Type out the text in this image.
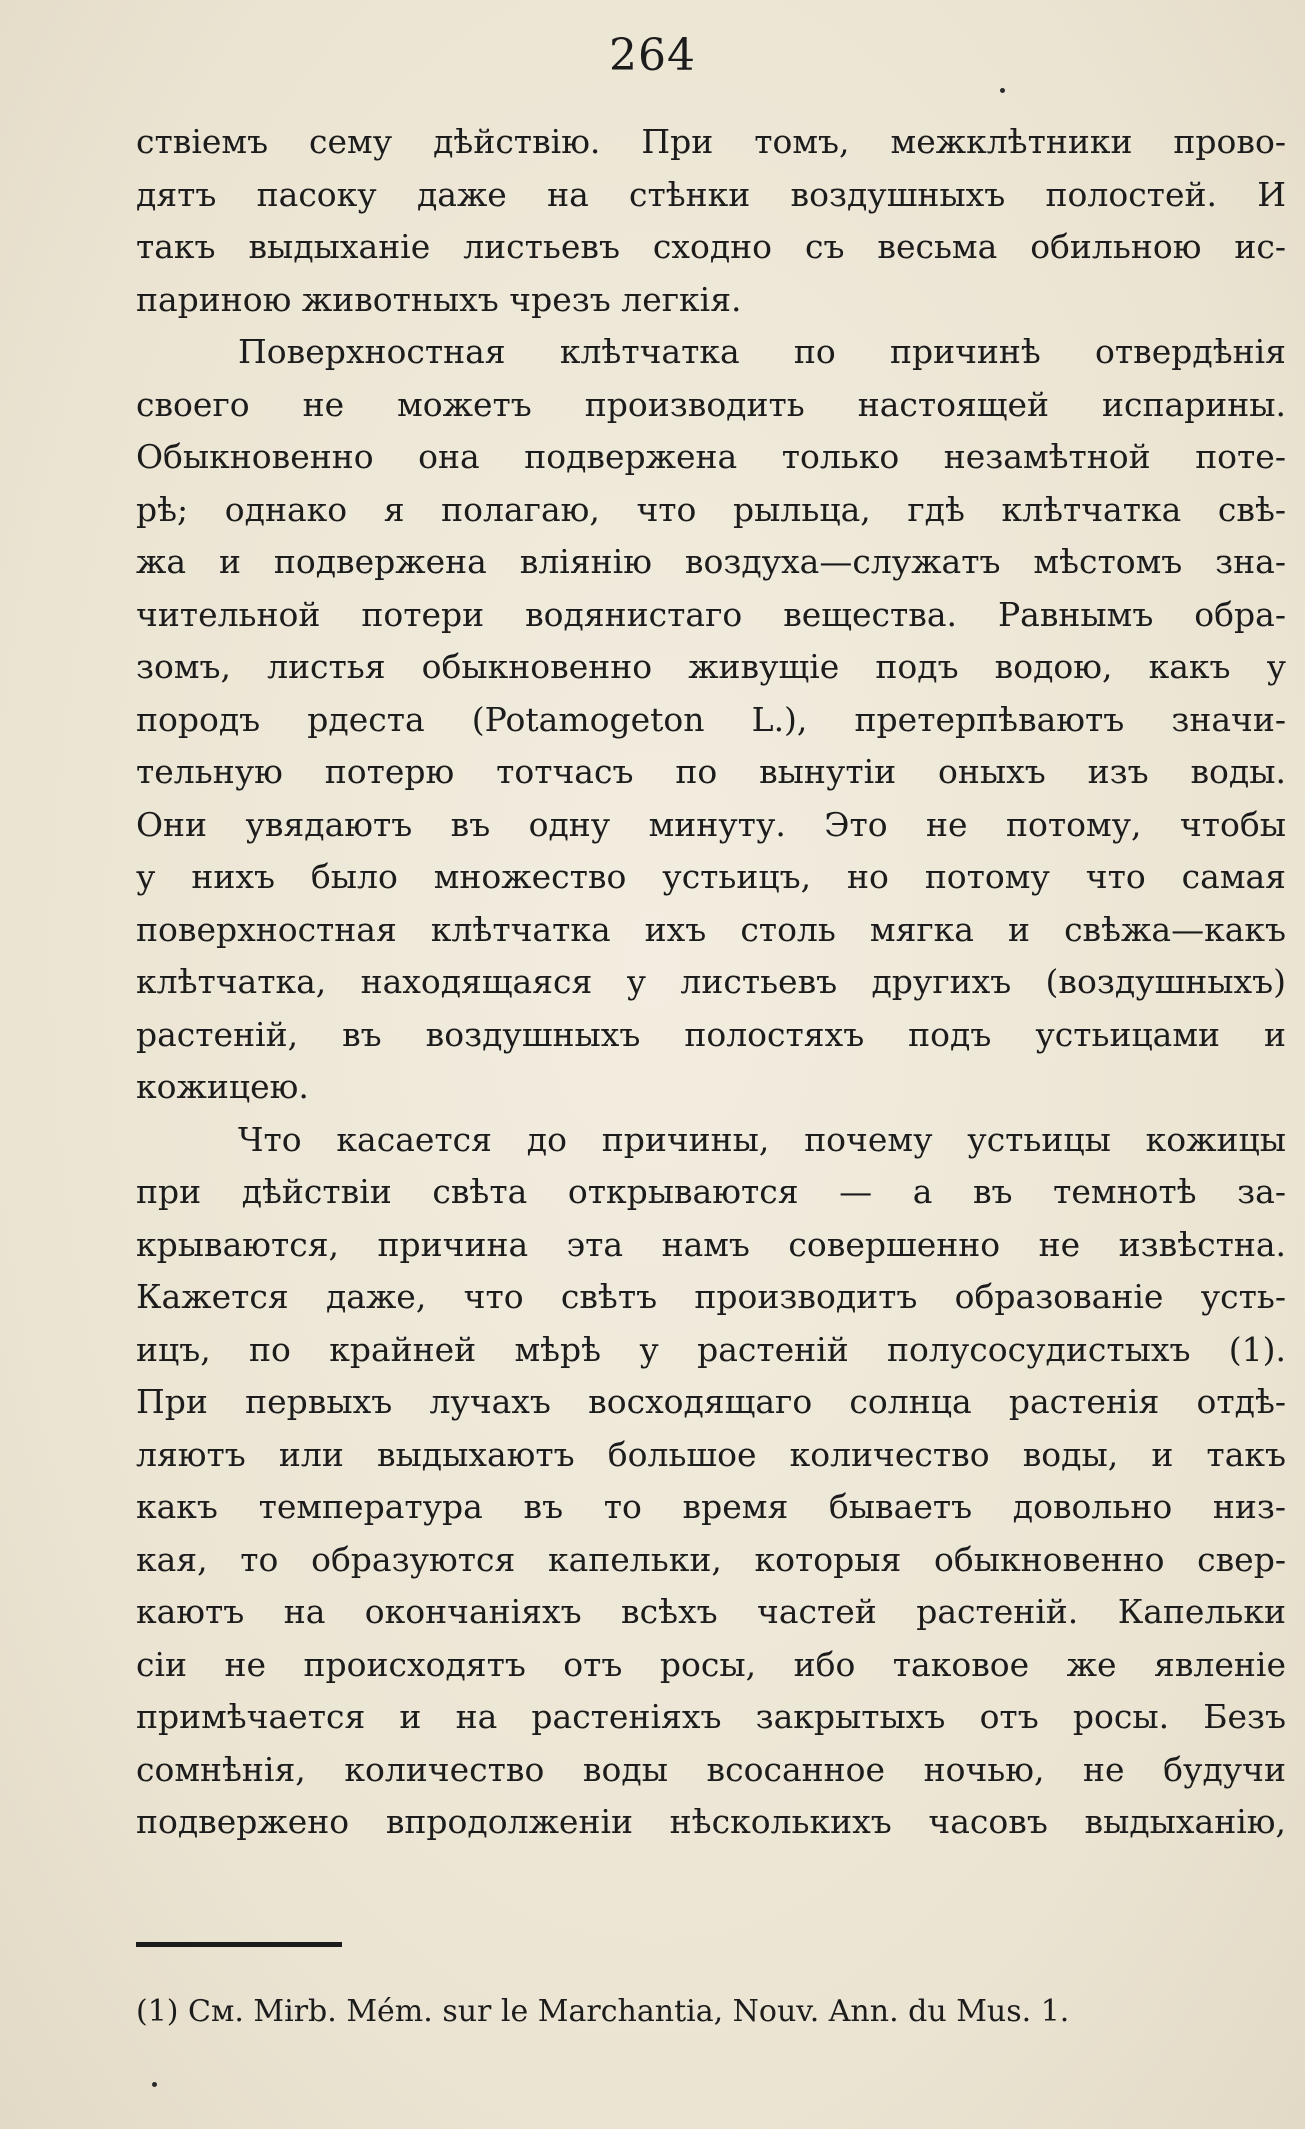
264
ствіемъ сему дѣйствію. При томъ, межклѣтники прово-
дятъ пасоку даже на стѣнки воздушныхъ полостей. И
такъ выдыханіе листьевъ сходно съ весьма обильною ис-
париною животныхъ чрезъ легкія.
Поверхностная клѣтчатка по причинѣ отвердѣнія
своего не можетъ производить настоящей испарины.
Обыкновенно она подвержена только незамѣтной поте-
рѣ; однако я полагаю, что рыльца, гдѣ клѣтчатка свѣ-
жа и подвержена вліянію воздуха—служатъ мѣстомъ зна-
чительной потери водянистаго вещества. Равнымъ обра-
зомъ, листья обыкновенно живущіе подъ водою, какъ у
породъ рдеста (Potamogeton L.), претерпѣваютъ значи-
тельную потерю тотчасъ по вынутіи оныхъ изъ воды.
Они увядаютъ въ одну минуту. Это не потому, чтобы
у нихъ было множество устьицъ, но потому что самая
поверхностная клѣтчатка ихъ столь мягка и свѣжа—какъ
клѣтчатка, находящаяся у листьевъ другихъ (воздушныхъ)
растеній, въ воздушныхъ полостяхъ подъ устьицами и
кожицею.
Что касается до причины, почему устьицы кожицы
при дѣйствіи свѣта открываются — а въ темнотѣ за-
крываются, причина эта намъ совершенно не извѣстна.
Кажется даже, что свѣтъ производитъ образованіе усть-
ицъ, по крайней мѣрѣ у растеній полусосудистыхъ (1).
При первыхъ лучахъ восходящаго солнца растенія отдѣ-
ляютъ или выдыхаютъ большое количество воды, и такъ
какъ температура въ то время бываетъ довольно низ-
кая, то образуются капельки, которыя обыкновенно свер-
каютъ на окончаніяхъ всѣхъ частей растеній. Капельки
сіи не происходятъ отъ росы, ибо таковое же явленіе
примѣчается и на растеніяхъ закрытыхъ отъ росы. Безъ
сомнѣнія, количество воды всосанное ночью, не будучи
подвержено впродолженіи нѣсколькихъ часовъ выдыханію,
(1) См. Mirb. Mém. sur le Marchantia, Nouv. Ann. du Mus. 1.
